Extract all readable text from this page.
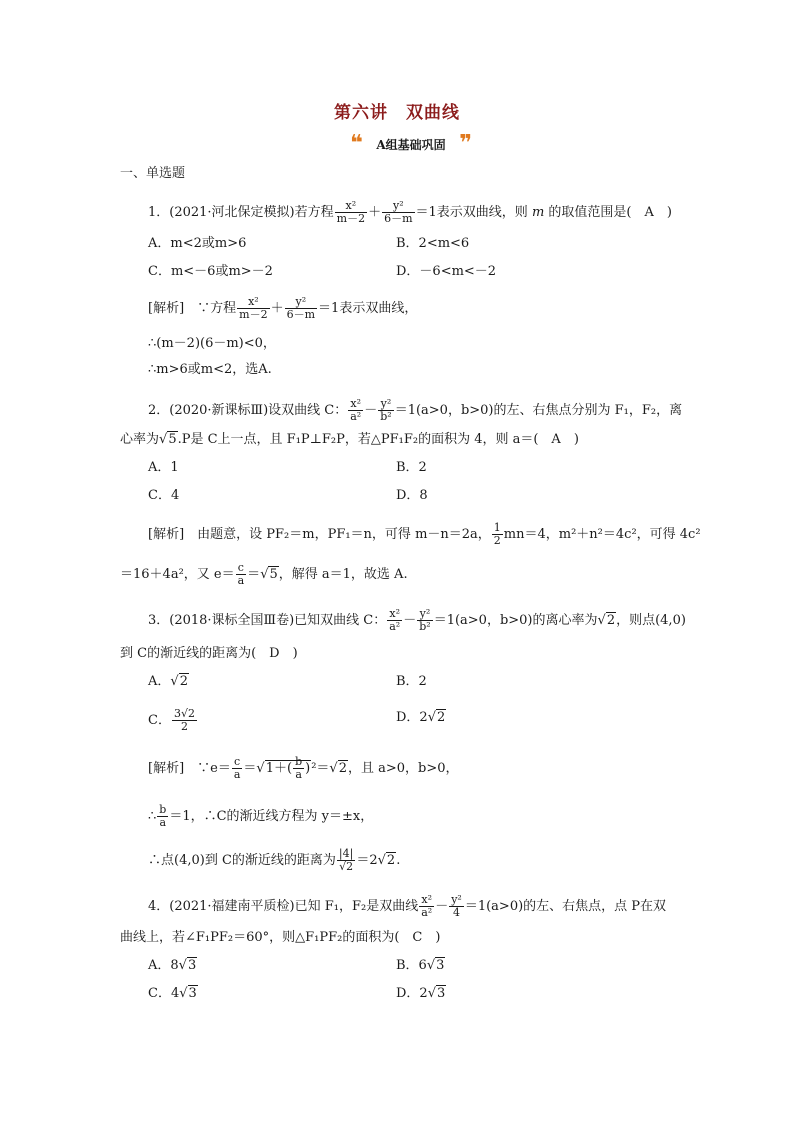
第六讲　双曲线
❝	A组基础巩固 ❞
一、单选题
1．(2021·河北保定模拟)若方程 $\frac{\text{x²}}{m-2} + \frac{\text{y²}}{6-m} =1$表示双曲线，则 m 的取值范围是(　A　)
A．m<2或m>6	B．2<m<6
C．m<－6或m>－2	D．－6<m<－2
[解析]　∵方程 $\frac{\text{x²}}{m-2} + \frac{\text{y²}}{6-m} =1$表示双曲线，
∴(m－2)(6－m)<0，
∴m>6或m<2，选A.
2．(2020·新课标Ⅲ)设双曲线 C： $\frac{\text{x²}}{\text{a²}} - \frac{\text{y²}}{\text{b²}} =1(a>0$，b>0)的左、右焦点分别为 F₁，F₂，离
心率为√5.P是 C上一点，且 F₁P⊥F₂P，若△PF₁F₂的面积为 4，则 a＝(　A　)
A．1	B．2
C．4	D．8
[解析]　由题意，设 PF₂＝m，PF₁＝n，可得 m－n＝2a， $\frac{1}{2} mn=4$，m²＋n²＝4c²，可得 4c²
＝16＋4a²，又 $e= \frac{c}{a} =√5$，解得 a＝1，故选 A.
3．(2018·课标全国Ⅲ卷)已知双曲线 C： $\frac{\text{x²}}{\text{a²}} - \frac{\text{y²}}{\text{b²}} =1(a>0$，b>0)的离心率为√2，则点(4,0)
到 C的渐近线的距离为(　D　)
A．√2	B．2
C． $\frac{3√2}{2}$	D．2√2
[解析]　∵e＝ $\frac{c}{a} =√1+( \frac{b}{a} )^2=√2$，且 a>0，b>0，
∴ $\frac{b}{a} =1$，∴C的渐近线方程为 y＝±x，
∴点(4,0)到 C的渐近线的距离为 $\frac{|4|}{√2} =2√2$.
4．(2021·福建南平质检)已知 F₁，F₂是双曲线 $\frac{\text{x²}}{\text{a²}} - \frac{\text{y²}}{4} =1(a>0)$的左、右焦点，点 P在双
曲线上，若∠F₁PF₂＝60°，则△F₁PF₂的面积为(　C　)
A．8√3	B．6√3
C．4√3	D．2√3
